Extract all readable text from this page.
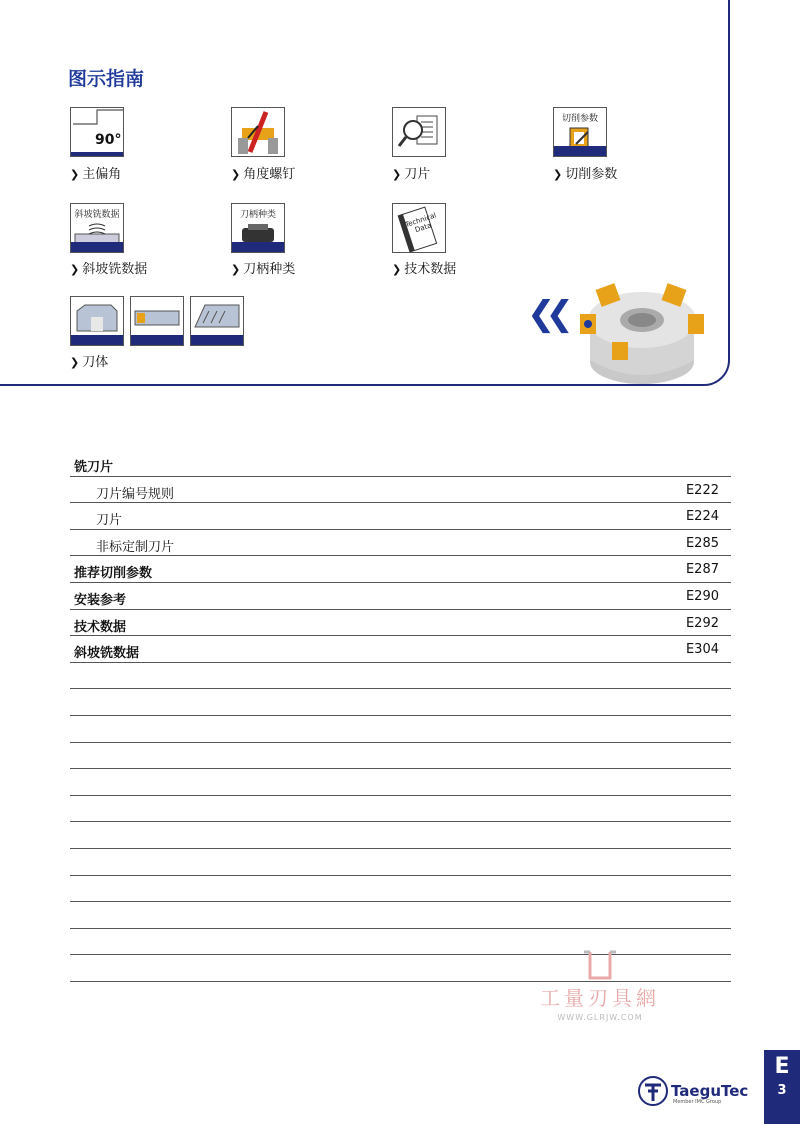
图示指南
90°
❯ 主偏角	❯ 角度螺钉	❯ 刀片
切削参数
❯ 切削参数
斜坡铣数据
❯ 斜坡铣数据
刀柄种类
❯ 刀柄种类
Technical Data
❯ 技术数据
❯ 刀体
❮❮
铣刀片
刀片编号规则	E222
刀片	E224
非标定制刀片	E285
推荐切削参数	E287
安装参考	E290
技术数据	E292
斜坡铣数据	E304
工量刃具網
WWW.GLRJW.COM
TaeguTec
Member IMC Group
E
3
